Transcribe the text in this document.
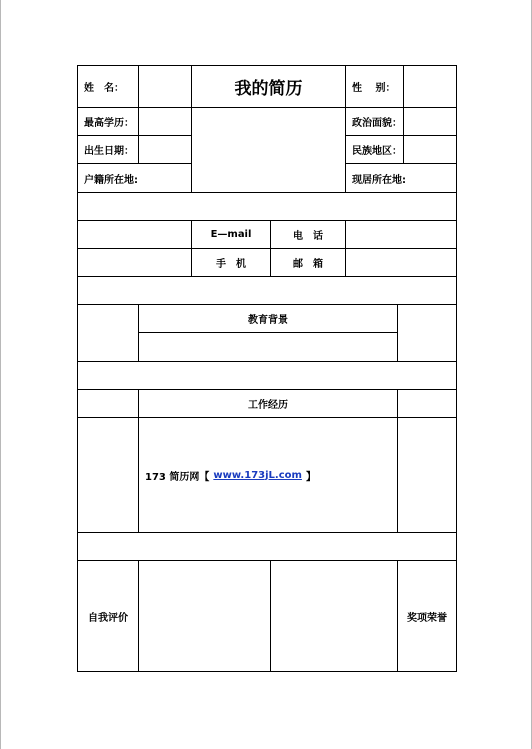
姓　名：	我的简历	性　 别：
最高学历：	政治面貌：
出生日期：	民族地区：
户籍所在地:	现居所在地:
E—mail	电　话
手　机	邮　箱
教育背景
工作经历
173 简历网【 www.173jL.com 】
自我评价	奖项荣誉
